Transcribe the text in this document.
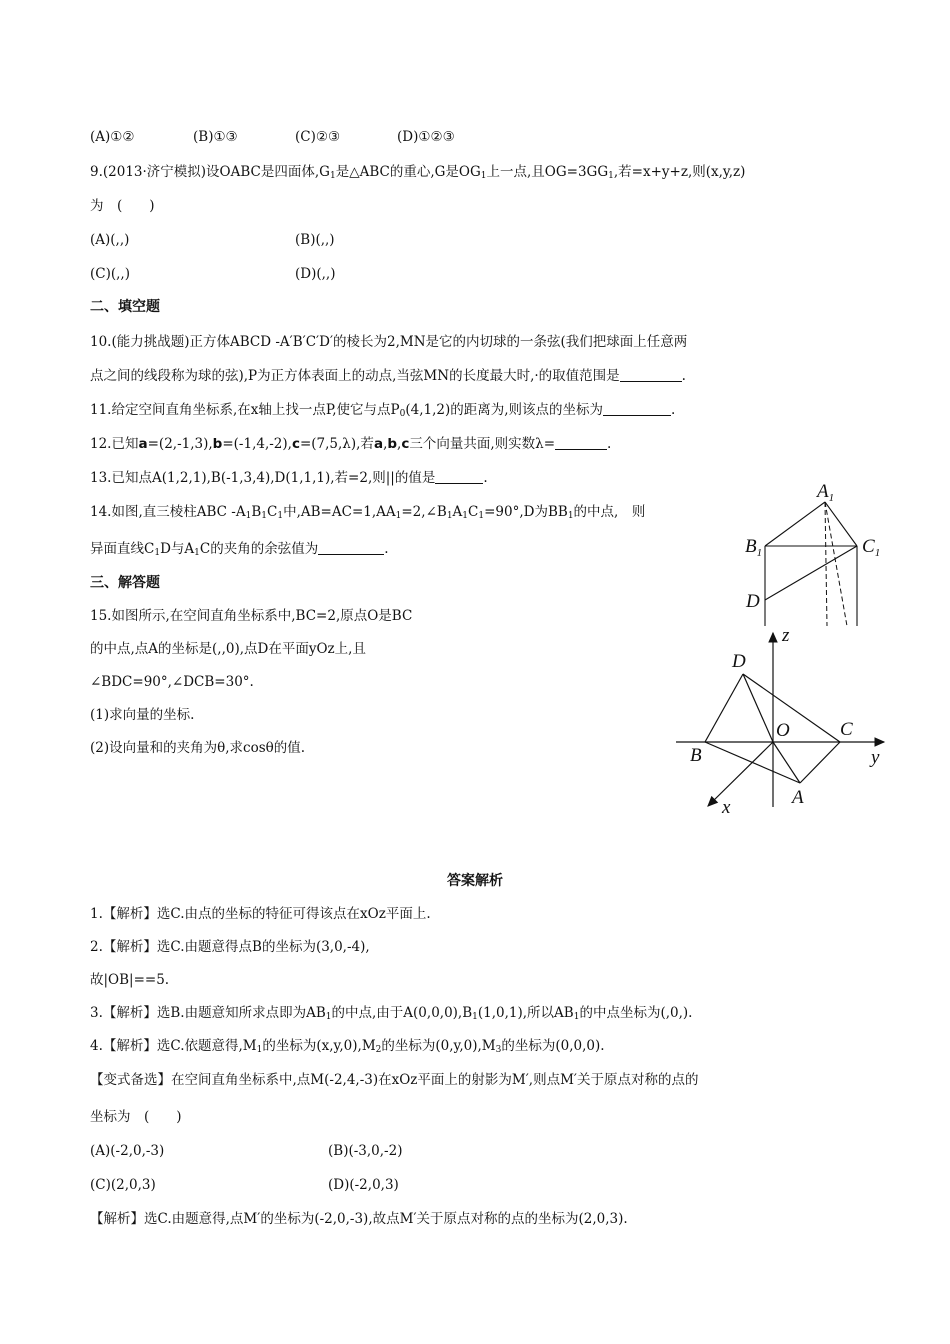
(A)①②	(B)①③	(C)②③	(D)①②③
9.(2013·济宁模拟)设OABC是四面体$,G_1$是△ABC的重心,G是$OG_1$上一点,且$OG=3GG_1$,若=x+y+z,则(x,y,z)
为　(　　)
(A)(,,)	(B)(,,)
(C)(,,)	(D)(,,)
二、填空题
10.(能力挑战题)正方体ABCD -A′B′C′D′的棱长为2,MN是它的内切球的一条弦(我们把球面上任意两
点之间的线段称为球的弦),P为正方体表面上的动点,当弦MN的长度最大时,·的取值范围是	.
11.给定空间直角坐标系,在x轴上找一点P,使它与点$P_0(4,1,2)$的距离为,则该点的坐标为	.
12.已知a=(2,-1,3),b=(-1,4,-2),c=(7,5,λ),若a,b,c三个向量共面,则实数λ=	.
13.已知点A(1,2,1),B(-1,3,4),D(1,1,1),若=2,则||的值是	.
14.如图,直三棱柱ABC $-A_1B_1C_1$中$,AB=AC=1,AA_1=2,\angle B_1A_1C_1=90^\circ,D$为$BB_1$的中点,　则
异面直线$C_1D$与$A_1C$的夹角的余弦值为	.
三、解答题
15.如图所示,在空间直角坐标系中,BC=2,原点O是BC
的中点,点A的坐标是(,,0),点D在平面yOz上,且
∠BDC=90°,∠DCB=30°.
(1)求向量的坐标.
(2)设向量和的夹角为θ,求cosθ的值.
$A_1$
$B_1$	$C_1$
D
z
y
x
D
O	C
B
A
答案解析
1.【解析】选C.由点的坐标的特征可得该点在xOz平面上.
2.【解析】选C.由题意得点B的坐标为(3,0,-4),
故|OB|==5.
3.【解析】选B.由题意知所求点即为$AB_1$的中点,由于$A(0,0,0),B_1(1,0,1)$,所以$AB_1$的中点坐标为(,0,).
4.【解析】选C.依题意得$,M_1$的坐标为$(x,y,0),M_2$的坐标为$(0,y,0),M_3$的坐标为(0,0,0).
【变式备选】在空间直角坐标系中,点M(-2,4,-3)在xOz平面上的射影为M′,则点M′关于原点对称的点的
坐标为　(　　)
(A)(-2,0,-3)	(B)(-3,0,-2)
(C)(2,0,3)	(D)(-2,0,3)
【解析】选C.由题意得,点M′的坐标为(-2,0,-3),故点M′关于原点对称的点的坐标为(2,0,3).
